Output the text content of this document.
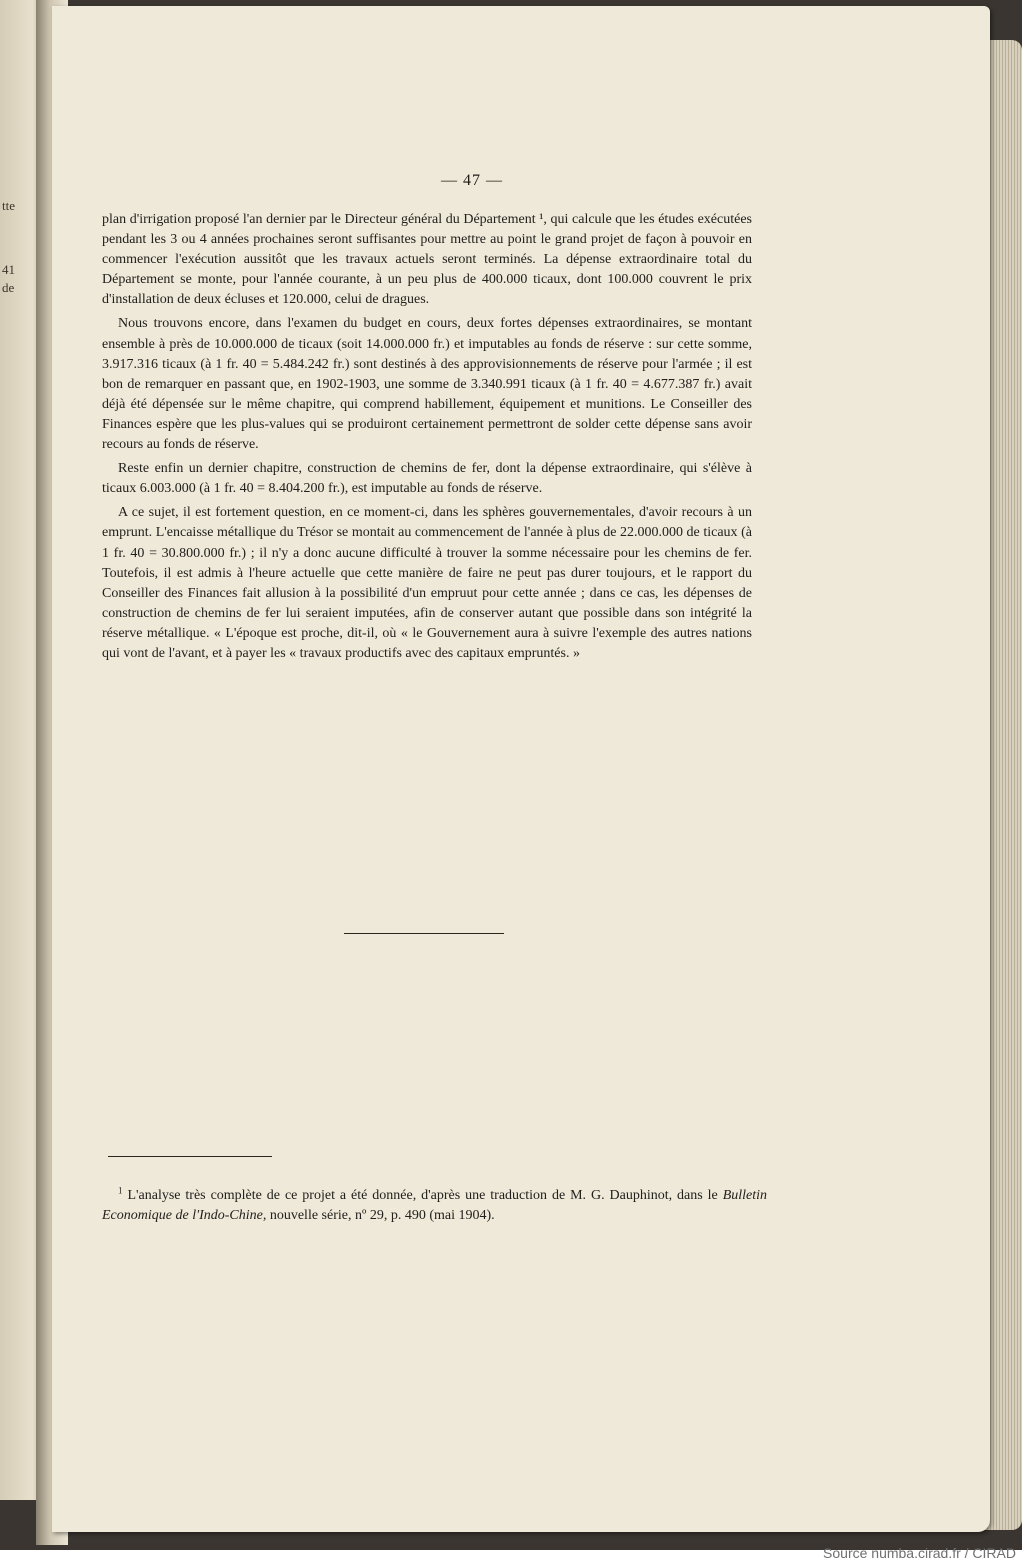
tte
41
de
— 47 —

plan d'irrigation proposé l'an dernier par le Directeur général du Département ¹, qui calcule que les études exécutées pendant les 3 ou 4 années prochaines seront suffisantes pour mettre au point le grand projet de façon à pouvoir en commencer l'exécution aussitôt que les travaux actuels seront terminés. La dépense extraordinaire total du Département se monte, pour l'année courante, à un peu plus de 400.000 ticaux, dont 100.000 couvrent le prix d'installation de deux écluses et 120.000, celui de dragues.

Nous trouvons encore, dans l'examen du budget en cours, deux fortes dépenses extraordinaires, se montant ensemble à près de 10.000.000 de ticaux (soit 14.000.000 fr.) et imputables au fonds de réserve : sur cette somme, 3.917.316 ticaux (à 1 fr. 40 = 5.484.242 fr.) sont destinés à des approvisionnements de réserve pour l'armée ; il est bon de remarquer en passant que, en 1902-1903, une somme de 3.340.991 ticaux (à 1 fr. 40 = 4.677.387 fr.) avait déjà été dépensée sur le même chapitre, qui comprend habillement, équipement et munitions. Le Conseiller des Finances espère que les plus-values qui se produiront certainement permettront de solder cette dépense sans avoir recours au fonds de réserve.

Reste enfin un dernier chapitre, construction de chemins de fer, dont la dépense extraordinaire, qui s'élève à ticaux 6.003.000 (à 1 fr. 40 = 8.404.200 fr.), est imputable au fonds de réserve.

A ce sujet, il est fortement question, en ce moment-ci, dans les sphères gouvernementales, d'avoir recours à un emprunt. L'encaisse métallique du Trésor se montait au commencement de l'année à plus de 22.000.000 de ticaux (à 1 fr. 40 = 30.800.000 fr.) ; il n'y a donc aucune difficulté à trouver la somme nécessaire pour les chemins de fer. Toutefois, il est admis à l'heure actuelle que cette manière de faire ne peut pas durer toujours, et le rapport du Conseiller des Finances fait allusion à la possibilité d'un empruut pour cette année ; dans ce cas, les dépenses de construction de chemins de fer lui seraient imputées, afin de conserver autant que possible dans son intégrité la réserve métallique. « L'époque est proche, dit-il, où « le Gouvernement aura à suivre l'exemple des autres nations qui vont de l'avant, et à payer les « travaux productifs avec des capitaux empruntés. »

$^1$ L'analyse très complète de ce projet a été donnée, d'après une traduction de M. G. Dauphinot, dans le Bulletin Economique de l'Indo-Chine, nouvelle série, nº 29, p. 490 (mai 1904).
Source numba.cirad.fr / CIRAD
